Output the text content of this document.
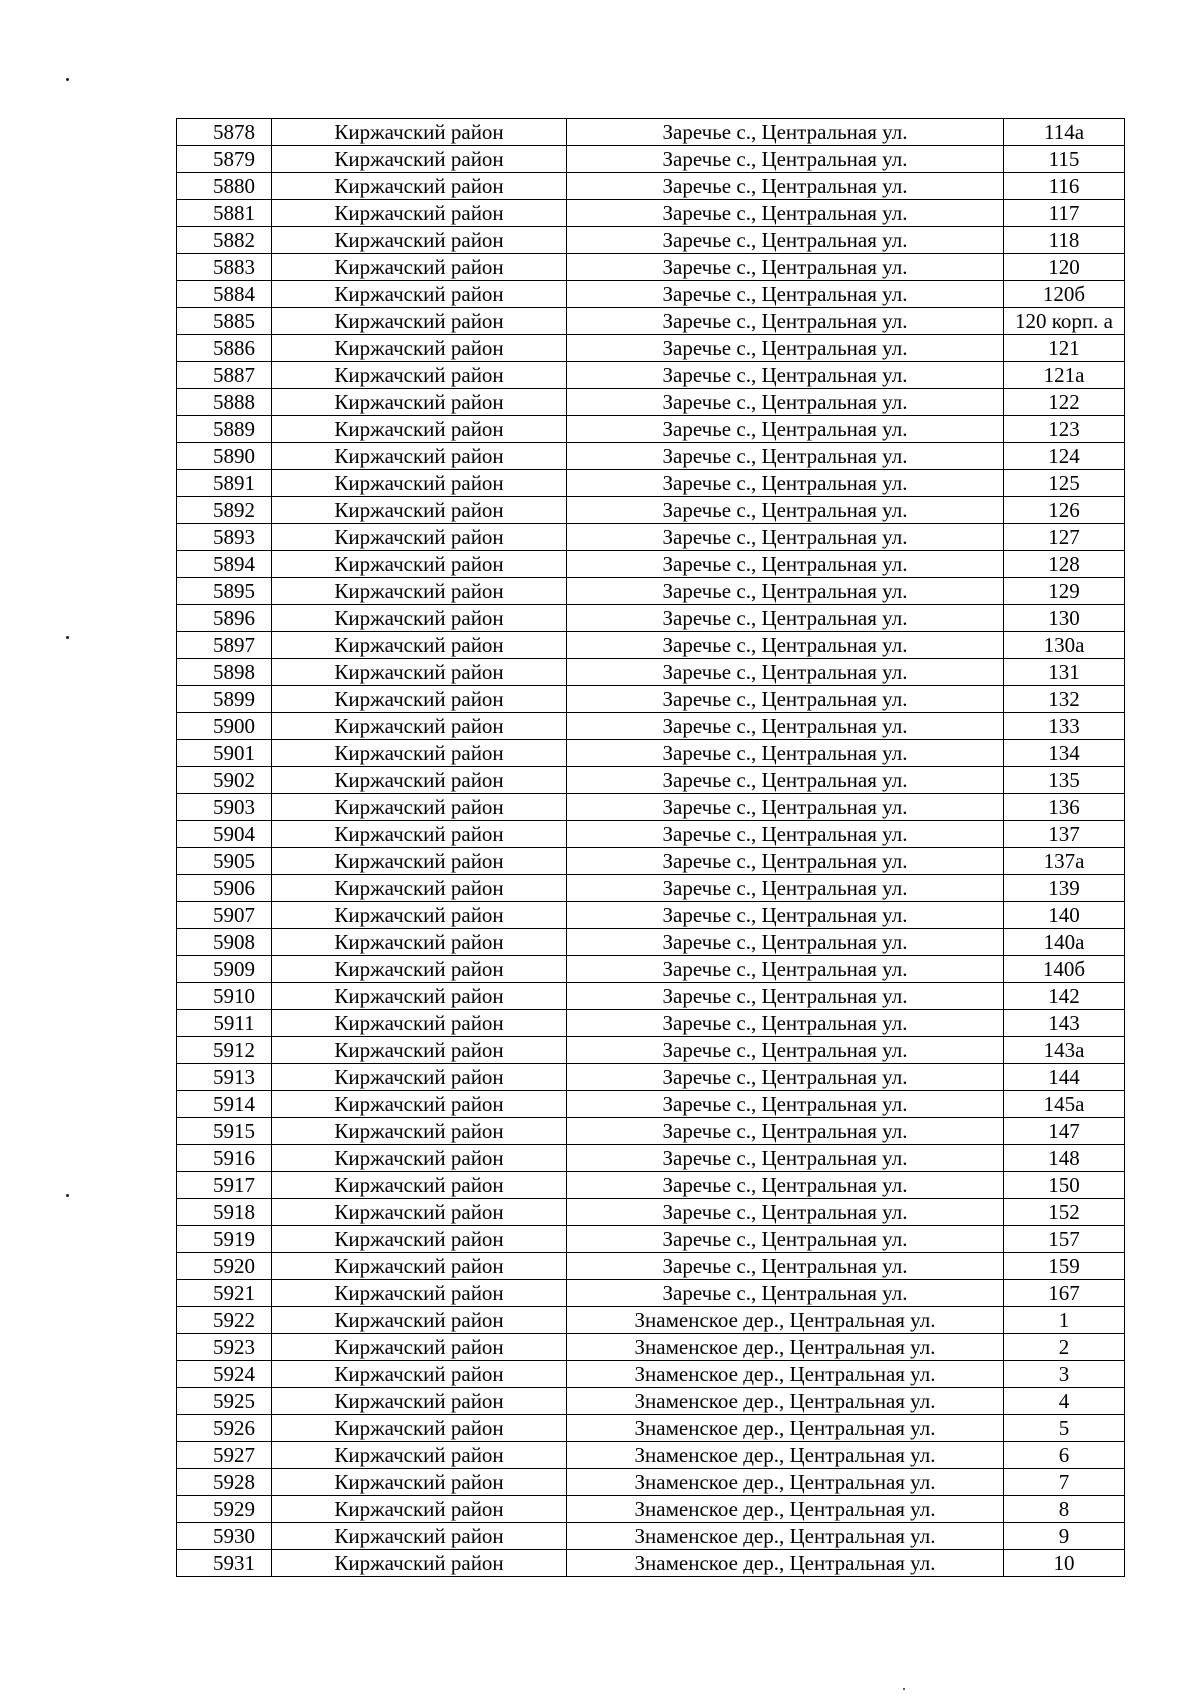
5878	Киржачский район	Заречье с., Центральная ул.	114а
5879	Киржачский район	Заречье с., Центральная ул.	115
5880	Киржачский район	Заречье с., Центральная ул.	116
5881	Киржачский район	Заречье с., Центральная ул.	117
5882	Киржачский район	Заречье с., Центральная ул.	118
5883	Киржачский район	Заречье с., Центральная ул.	120
5884	Киржачский район	Заречье с., Центральная ул.	120б
5885	Киржачский район	Заречье с., Центральная ул.	120 корп. а
5886	Киржачский район	Заречье с., Центральная ул.	121
5887	Киржачский район	Заречье с., Центральная ул.	121а
5888	Киржачский район	Заречье с., Центральная ул.	122
5889	Киржачский район	Заречье с., Центральная ул.	123
5890	Киржачский район	Заречье с., Центральная ул.	124
5891	Киржачский район	Заречье с., Центральная ул.	125
5892	Киржачский район	Заречье с., Центральная ул.	126
5893	Киржачский район	Заречье с., Центральная ул.	127
5894	Киржачский район	Заречье с., Центральная ул.	128
5895	Киржачский район	Заречье с., Центральная ул.	129
5896	Киржачский район	Заречье с., Центральная ул.	130
5897	Киржачский район	Заречье с., Центральная ул.	130а
5898	Киржачский район	Заречье с., Центральная ул.	131
5899	Киржачский район	Заречье с., Центральная ул.	132
5900	Киржачский район	Заречье с., Центральная ул.	133
5901	Киржачский район	Заречье с., Центральная ул.	134
5902	Киржачский район	Заречье с., Центральная ул.	135
5903	Киржачский район	Заречье с., Центральная ул.	136
5904	Киржачский район	Заречье с., Центральная ул.	137
5905	Киржачский район	Заречье с., Центральная ул.	137а
5906	Киржачский район	Заречье с., Центральная ул.	139
5907	Киржачский район	Заречье с., Центральная ул.	140
5908	Киржачский район	Заречье с., Центральная ул.	140а
5909	Киржачский район	Заречье с., Центральная ул.	140б
5910	Киржачский район	Заречье с., Центральная ул.	142
5911	Киржачский район	Заречье с., Центральная ул.	143
5912	Киржачский район	Заречье с., Центральная ул.	143а
5913	Киржачский район	Заречье с., Центральная ул.	144
5914	Киржачский район	Заречье с., Центральная ул.	145а
5915	Киржачский район	Заречье с., Центральная ул.	147
5916	Киржачский район	Заречье с., Центральная ул.	148
5917	Киржачский район	Заречье с., Центральная ул.	150
5918	Киржачский район	Заречье с., Центральная ул.	152
5919	Киржачский район	Заречье с., Центральная ул.	157
5920	Киржачский район	Заречье с., Центральная ул.	159
5921	Киржачский район	Заречье с., Центральная ул.	167
5922	Киржачский район	Знаменское дер., Центральная ул.	1
5923	Киржачский район	Знаменское дер., Центральная ул.	2
5924	Киржачский район	Знаменское дер., Центральная ул.	3
5925	Киржачский район	Знаменское дер., Центральная ул.	4
5926	Киржачский район	Знаменское дер., Центральная ул.	5
5927	Киржачский район	Знаменское дер., Центральная ул.	6
5928	Киржачский район	Знаменское дер., Центральная ул.	7
5929	Киржачский район	Знаменское дер., Центральная ул.	8
5930	Киржачский район	Знаменское дер., Центральная ул.	9
5931	Киржачский район	Знаменское дер., Центральная ул.	10
